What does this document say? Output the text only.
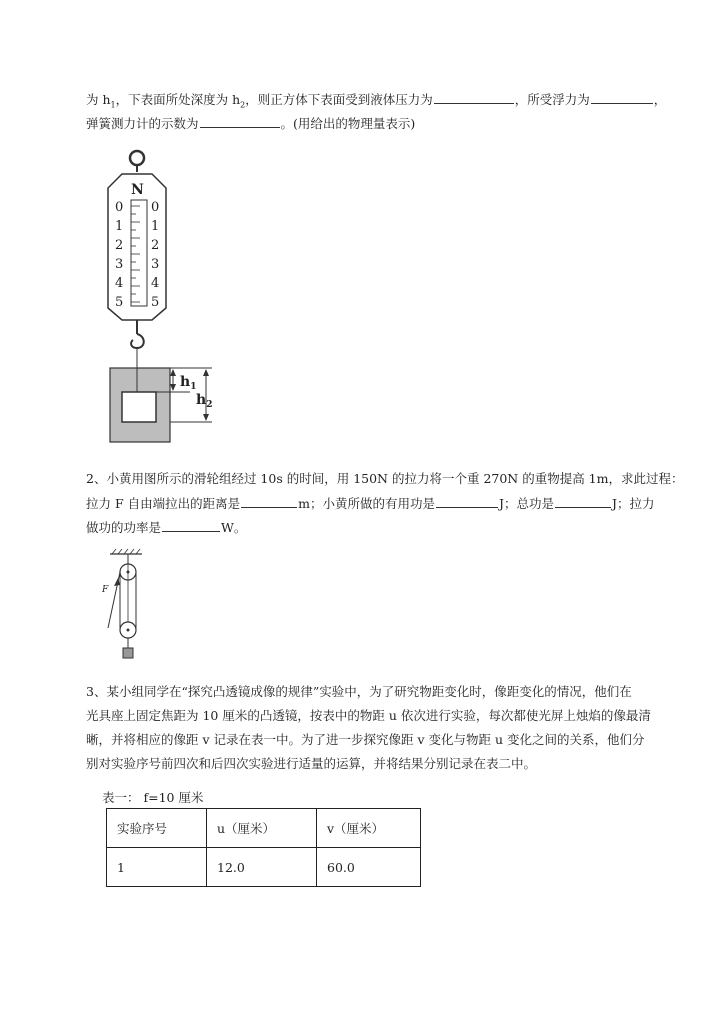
为 $h_1$，下表面所处深度为 $h_2$，则正方体下表面受到液体压力为	，所受浮力为	，
弹簧测力计的示数为	。(用给出的物理量表示)
N
0
1
2
3
4
5
0
1
2
3
4
5
$h_1$
$h_2$
2、小黄用图所示的滑轮组经过 10s 的时间，用 150N 的拉力将一个重 270N 的重物提高 1m，求此过程：
拉力 F 自由端拉出的距离是	m；小黄所做的有用功是	J；总功是	J；拉力
做功的功率是	W。
F
3、某小组同学在“探究凸透镜成像的规律”实验中，为了研究物距变化时，像距变化的情况，他们在
光具座上固定焦距为 10 厘米的凸透镜，按表中的物距 u 依次进行实验，每次都使光屏上烛焰的像最清
晰，并将相应的像距 v 记录在表一中。为了进一步探究像距 v 变化与物距 u 变化之间的关系，他们分
别对实验序号前四次和后四次实验进行适量的运算，并将结果分别记录在表二中。
表一： f=10 厘米
实验序号	u（厘米）	v（厘米）
1	12.0	60.0
